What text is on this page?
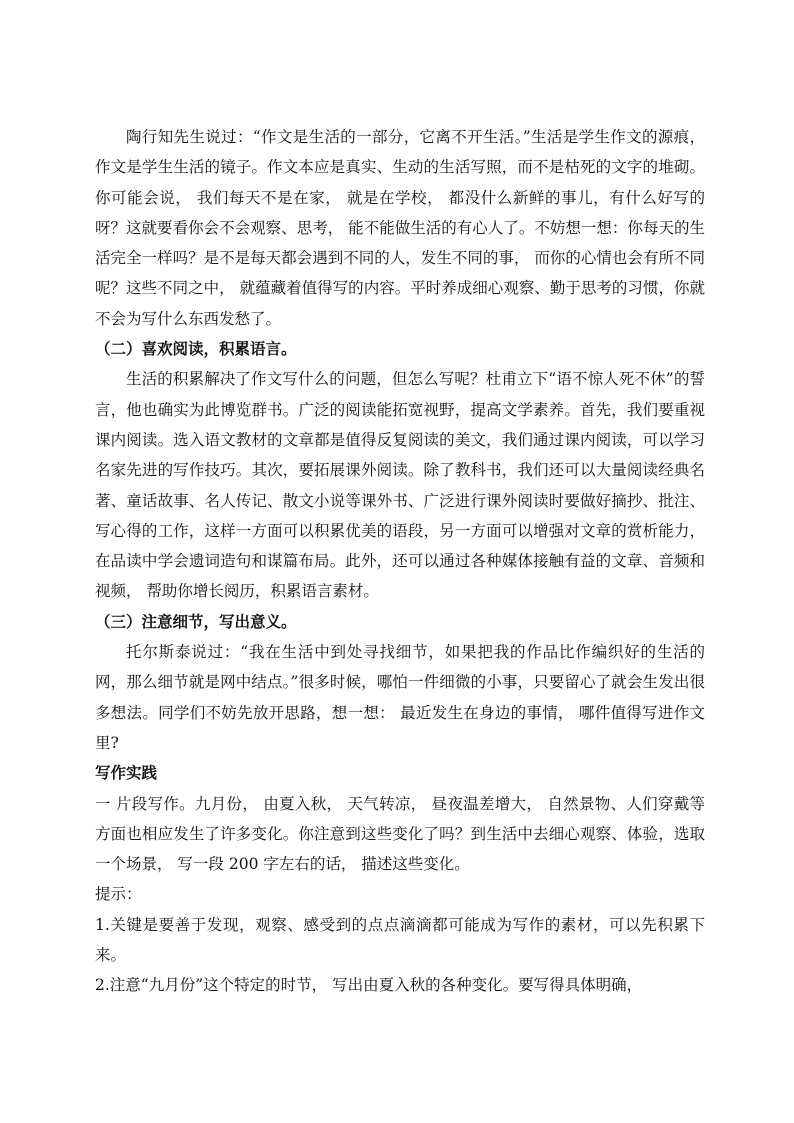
陶行知先生说过：“作文是生活的一部分，它离不开生活。”生活是学生作文的源痕，作文是学生生活的镜子。作文本应是真实、生动的生活写照，而不是枯死的文字的堆砌。你可能会说， 我们每天不是在家， 就是在学校， 都没什么新鲜的事儿，有什么好写的呀？这就要看你会不会观察、思考， 能不能做生活的有心人了。不妨想一想：你每天的生活完全一样吗？是不是每天都会遇到不同的人，发生不同的事， 而你的心情也会有所不同呢？这些不同之中， 就蕴藏着值得写的内容。平时养成细心观察、勤于思考的习惯，你就不会为写什么东西发愁了。

（二）喜欢阅读，积累语言。

生活的积累解决了作文写什么的问题，但怎么写呢？杜甫立下“语不惊人死不休”的誓言，他也确实为此博览群书。广泛的阅读能拓宽视野，提高文学素养。首先，我们要重视课内阅读。选入语文教材的文章都是值得反复阅读的美文，我们通过课内阅读，可以学习名家先进的写作技巧。其次，要拓展课外阅读。除了教科书，我们还可以大量阅读经典名著、童话故事、名人传记、散文小说等课外书、广泛进行课外阅读时要做好摘抄、批注、写心得的工作，这样一方面可以积累优美的语段，另一方面可以增强对文章的赏析能力，在品读中学会遗词造句和谋篇布局。此外，还可以通过各种媒体接触有益的文章、音频和视频， 帮助你增长阅历，积累语言素材。

（三）注意细节，写出意义。

托尔斯泰说过：“我在生活中到处寻找细节，如果把我的作品比作编织好的生活的网，那么细节就是网中结点。”很多时候，哪怕一件细微的小事，只要留心了就会生发出很多想法。同学们不妨先放开思路，想一想： 最近发生在身边的事情， 哪件值得写进作文里?

写作实践

一 片段写作。九月份， 由夏入秋， 天气转凉， 昼夜温差增大， 自然景物、人们穿戴等方面也相应发生了许多变化。你注意到这些变化了吗？到生活中去细心观察、体验，选取一个场景， 写一段 200 字左右的话， 描述这些变化。

提示：

1.关键是要善于发现，观察、感受到的点点滴滴都可能成为写作的素材，可以先积累下来。

2.注意“九月份”这个特定的时节， 写出由夏入秋的各种变化。要写得具体明确，
